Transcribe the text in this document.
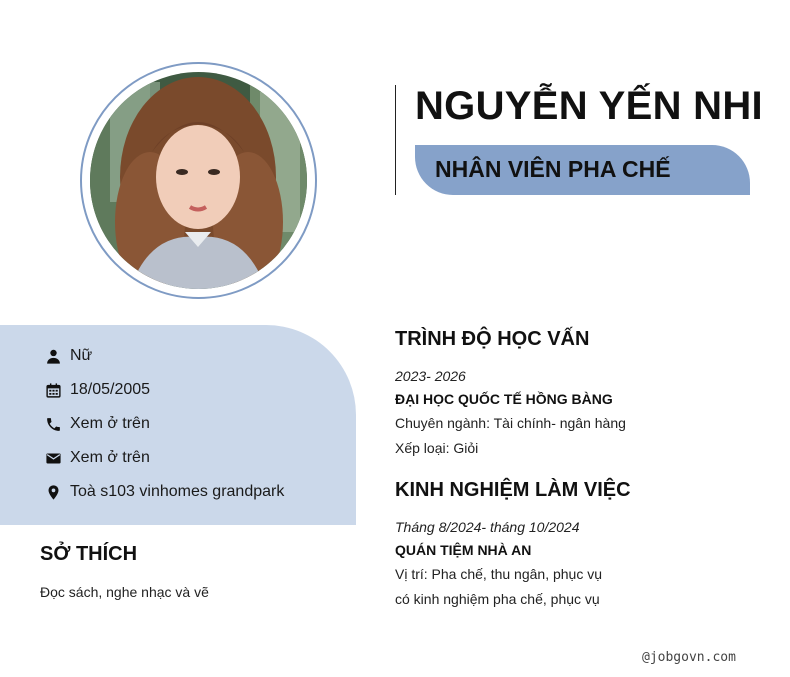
NGUYỄN YẾN NHI
NHÂN VIÊN PHA CHẾ
Nữ
18/05/2005
Xem ở trên
Xem ở trên
Toà s103 vinhomes grandpark
SỞ THÍCH
Đọc sách, nghe nhạc và vẽ
TRÌNH ĐỘ HỌC VẤN
2023- 2026
ĐẠI HỌC QUỐC TẾ HỒNG BÀNG
Chuyên ngành: Tài chính- ngân hàng
Xếp loại: Giỏi
KINH NGHIỆM LÀM VIỆC
Tháng 8/2024- tháng 10/2024
QUÁN TIỆM NHÀ AN
Vị trí: Pha chế, thu ngân, phục vụ
có kinh nghiệm pha chế, phục vụ
@jobgovn.com
